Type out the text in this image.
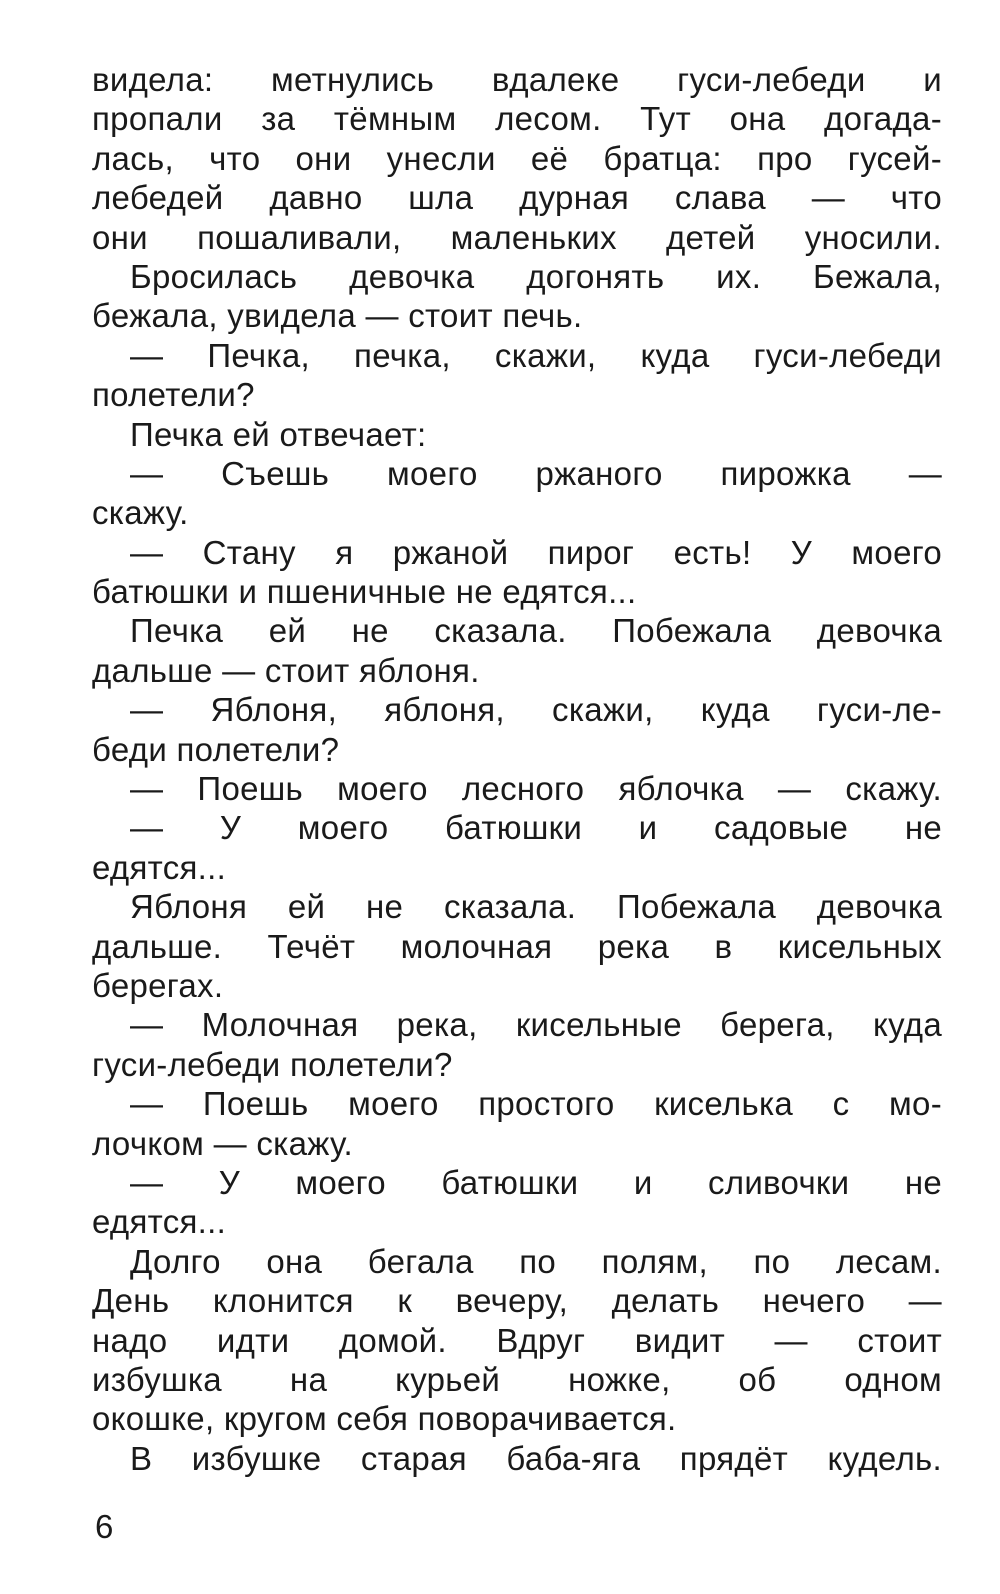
видела: метнулись вдалеке гуси-лебеди и
пропали за тёмным лесом. Тут она догада-
лась, что они унесли её братца: про гусей-
лебедей давно шла дурная слава — что
они пошаливали, маленьких детей уносили.
Бросилась девочка догонять их. Бежала,
бежала, увидела — стоит печь.
— Печка, печка, скажи, куда гуси-лебеди
полетели?
Печка ей отвечает:
— Съешь моего ржаного пирожка —
скажу.
— Стану я ржаной пирог есть! У моего
батюшки и пшеничные не едятся...
Печка ей не сказала. Побежала девочка
дальше — стоит яблоня.
— Яблоня, яблоня, скажи, куда гуси-ле-
беди полетели?
— Поешь моего лесного яблочка — скажу.
— У моего батюшки и садовые не
едятся...
Яблоня ей не сказала. Побежала девочка
дальше. Течёт молочная река в кисельных
берегах.
— Молочная река, кисельные берега, куда
гуси-лебеди полетели?
— Поешь моего простого киселька с мо-
лочком — скажу.
— У моего батюшки и сливочки не
едятся...
Долго она бегала по полям, по лесам.
День клонится к вечеру, делать нечего —
надо идти домой. Вдруг видит — стоит
избушка на курьей ножке, об одном
окошке, кругом себя поворачивается.
В избушке старая баба-яга прядёт кудель.
6
